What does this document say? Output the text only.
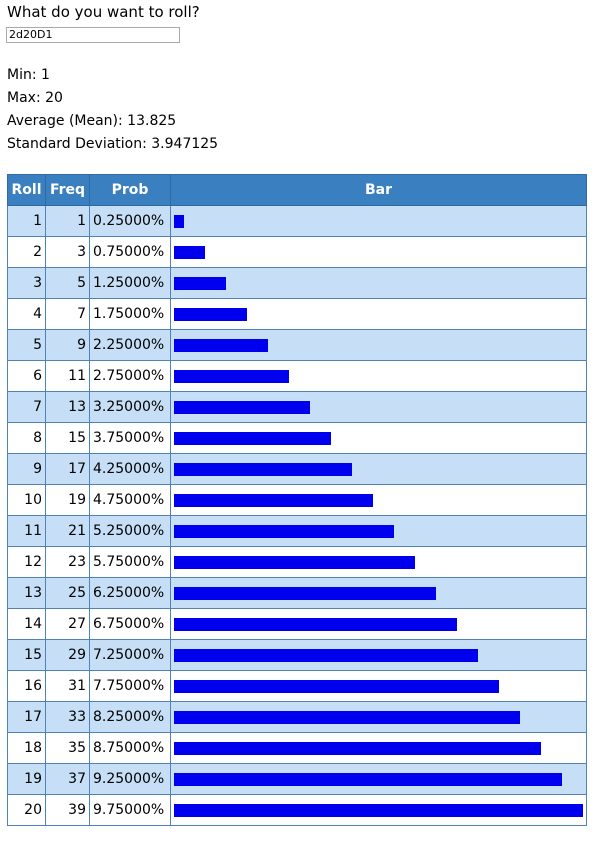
What do you want to roll?
2d20D1
Min: 1
Max: 20
Average (Mean): 13.825
Standard Deviation: 3.947125
Roll	Freq	Prob	Bar
1	1	0.25000%	

2	3	0.75000%	

3	5	1.25000%	

4	7	1.75000%	

5	9	2.25000%	

6	11	2.75000%	

7	13	3.25000%	

8	15	3.75000%	

9	17	4.25000%	

10	19	4.75000%	

11	21	5.25000%	

12	23	5.75000%	

13	25	6.25000%	

14	27	6.75000%	

15	29	7.25000%	

16	31	7.75000%	

17	33	8.25000%	

18	35	8.75000%	

19	37	9.25000%	

20	39	9.75000%	
